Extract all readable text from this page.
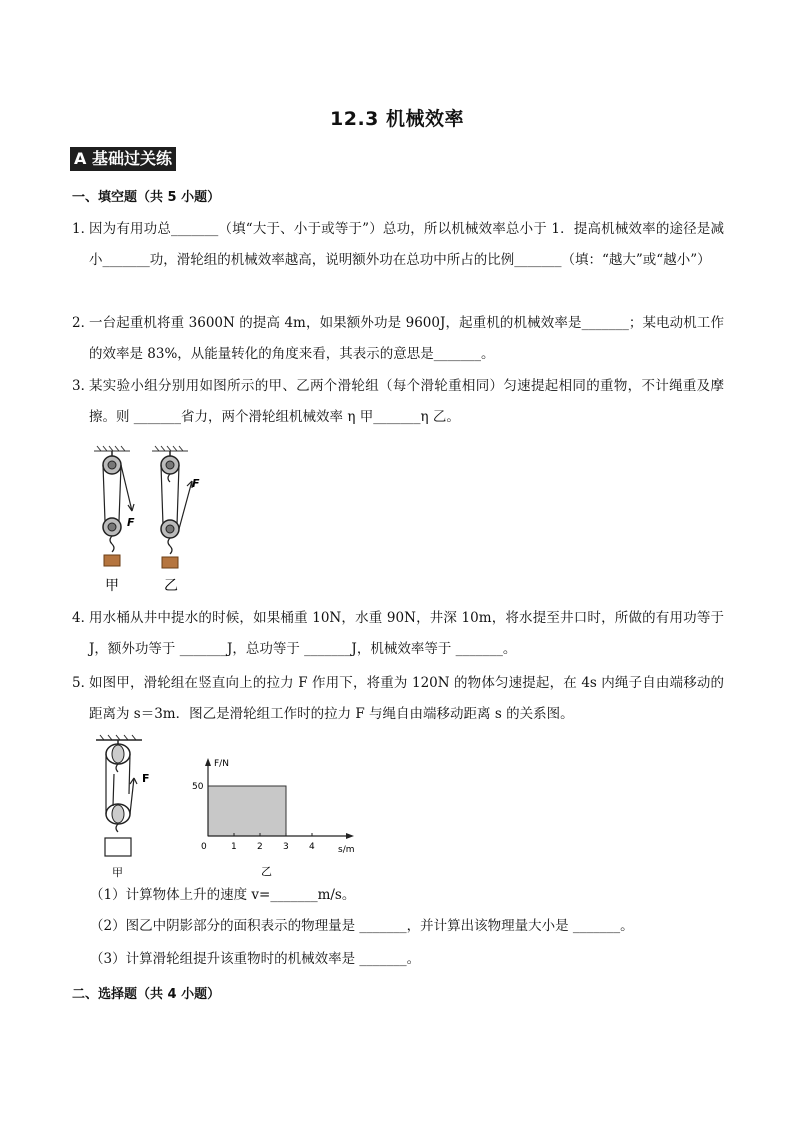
12.3 机械效率
A 基础过关练
一、填空题（共 5 小题）
1．
因为有用功总_______（填“大于、小于或等于”）总功，所以机械效率总小于 1．提高机械效率的途径是减小_______功，滑轮组的机械效率越高，说明额外功在总功中所占的比例_______（填：“越大”或“越小”）
2．
一台起重机将重 3600N 的提高 4m，如果额外功是 9600J，起重机的机械效率是_______；某电动机工作的效率是 83%，从能量转化的角度来看，其表示的意思是_______。
3．
某实验小组分别用如图所示的甲、乙两个滑轮组（每个滑轮重相同）匀速提起相同的重物，不计绳重及摩擦。则 _______省力，两个滑轮组机械效率 η 甲_______η 乙。
F
甲
F
乙
4．
用水桶从井中提水的时候，如果桶重 10N，水重 90N，井深 10m，将水提至井口时，所做的有用功等于 J，额外功等于 _______J，总功等于 _______J，机械效率等于 _______。
5．
如图甲，滑轮组在竖直向上的拉力 F 作用下，将重为 120N 的物体匀速提起，在 4s 内绳子自由端移动的距离为 s＝3m．图乙是滑轮组工作时的拉力 F 与绳自由端移动距离 s 的关系图。
F
甲
0	1 2 3 4
50
F/N
s/m
乙
（1）计算物体上升的速度 v=_______m/s。
（2）图乙中阴影部分的面积表示的物理量是 _______，并计算出该物理量大小是 _______。
（3）计算滑轮组提升该重物时的机械效率是 _______。
二、选择题（共 4 小题）
